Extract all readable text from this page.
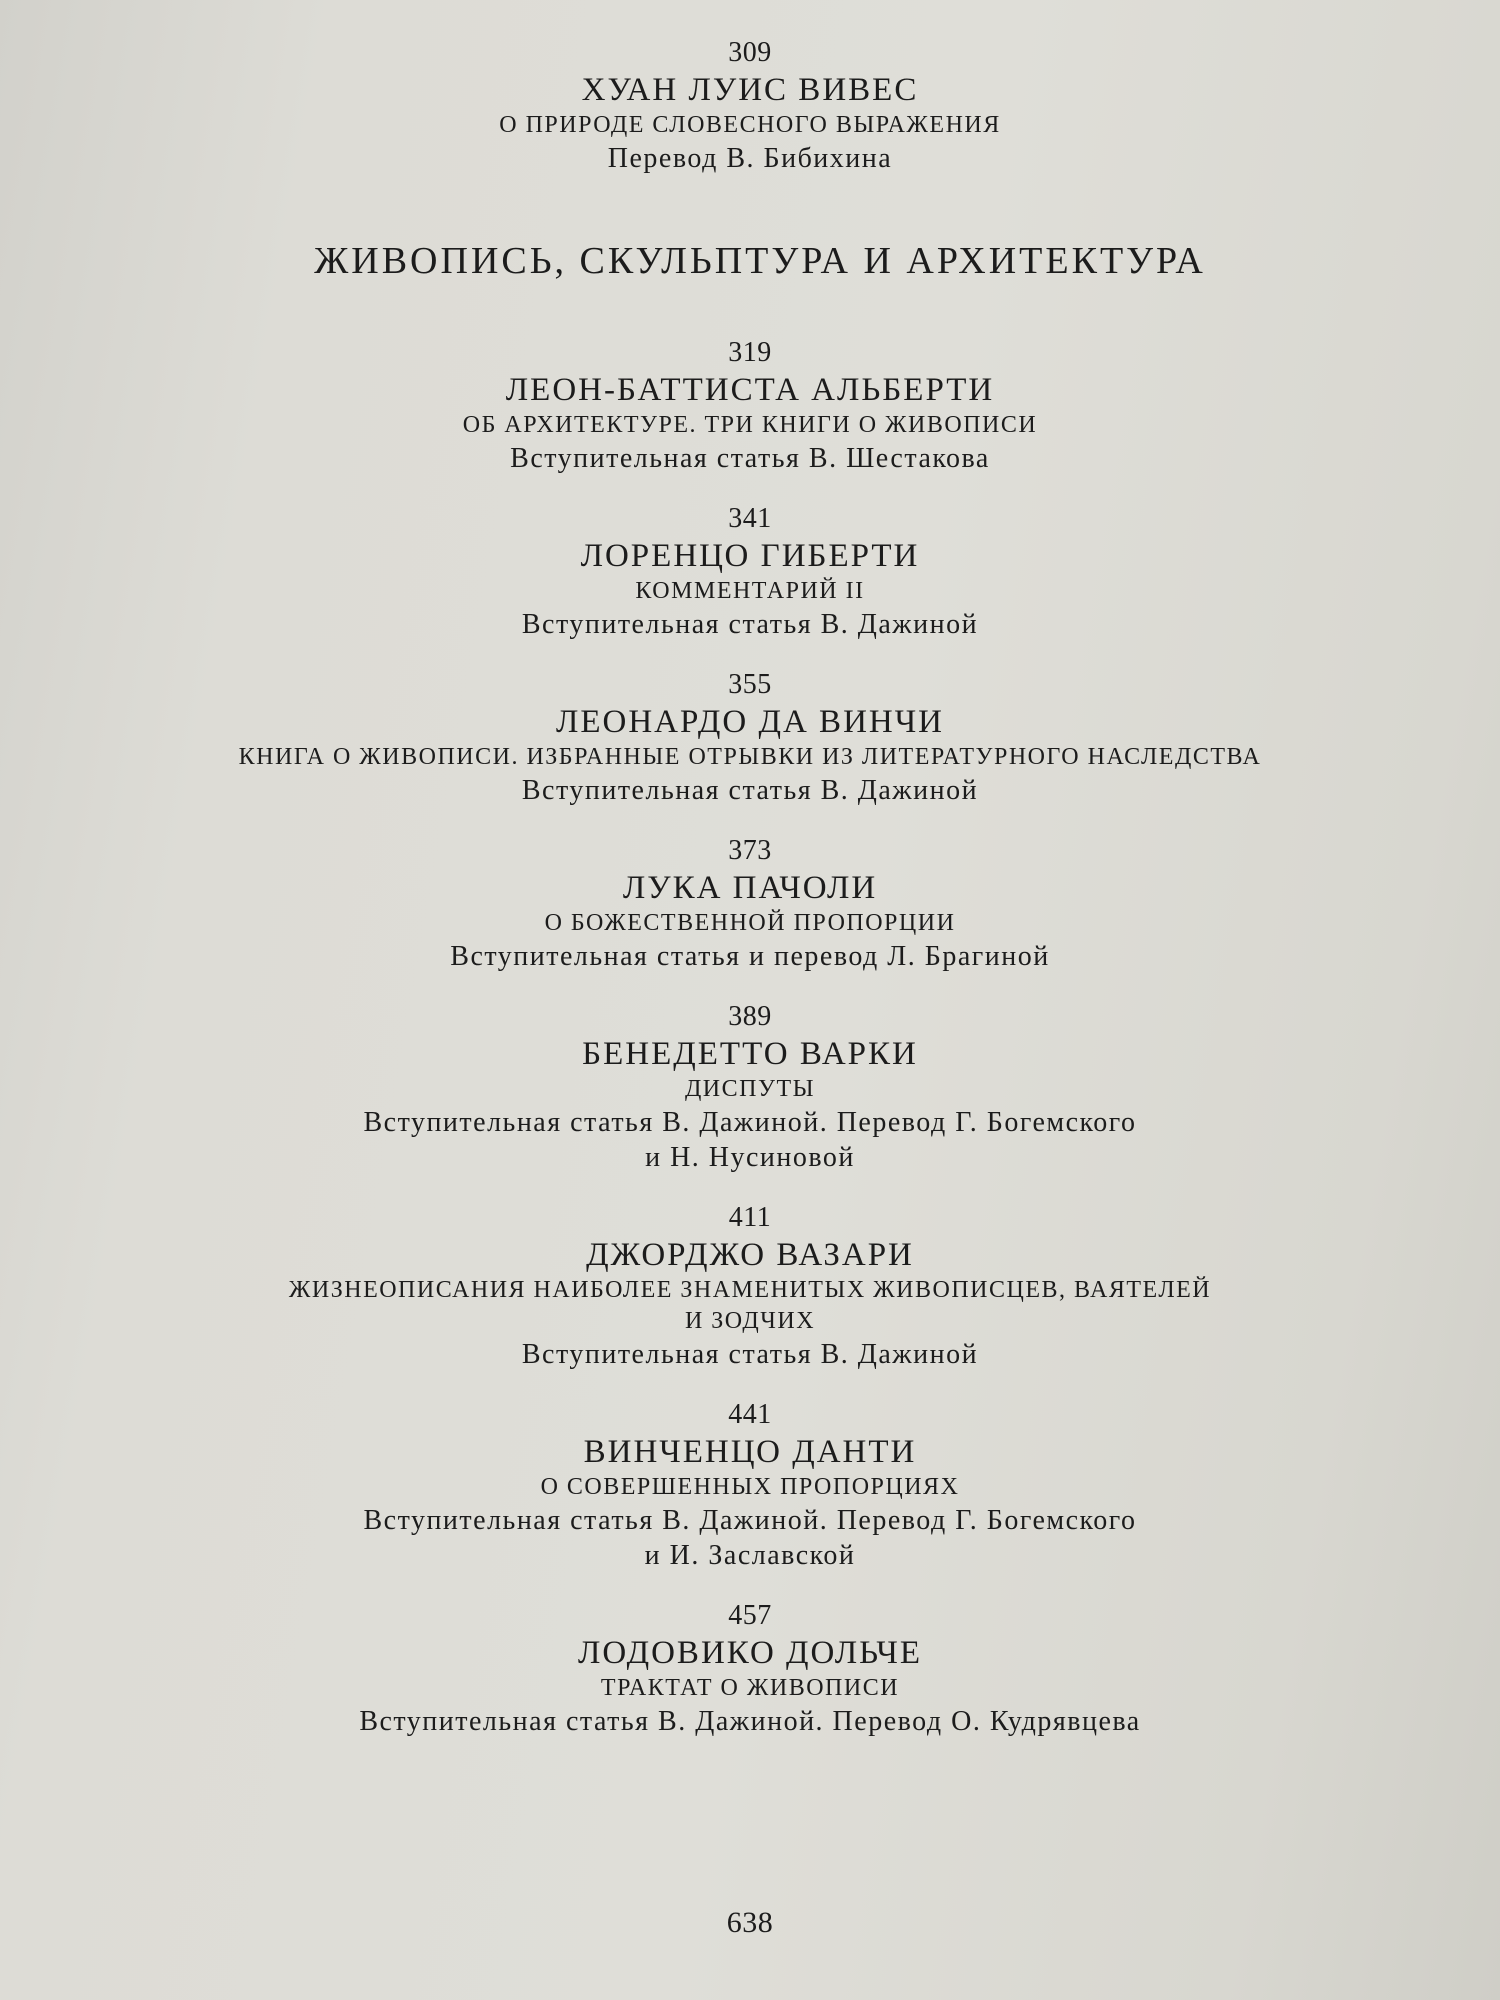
309
ХУАН ЛУИС ВИВЕС
О ПРИРОДЕ СЛОВЕСНОГО ВЫРАЖЕНИЯ
Перевод В. Бибихина
ЖИВОПИСЬ, СКУЛЬПТУРА И АРХИТЕКТУРА
319
ЛЕОН-БАТТИСТА АЛЬБЕРТИ
ОБ АРХИТЕКТУРЕ. ТРИ КНИГИ О ЖИВОПИСИ
Вступительная статья В. Шестакова
341
ЛОРЕНЦО ГИБЕРТИ
КОММЕНТАРИЙ II
Вступительная статья В. Дажиной
355
ЛЕОНАРДО ДА ВИНЧИ
КНИГА О ЖИВОПИСИ. ИЗБРАННЫЕ ОТРЫВКИ ИЗ ЛИТЕРАТУРНОГО НАСЛЕДСТВА
Вступительная статья В. Дажиной
373
ЛУКА ПАЧОЛИ
О БОЖЕСТВЕННОЙ ПРОПОРЦИИ
Вступительная статья и перевод Л. Брагиной
389
БЕНЕДЕТТО ВАРКИ
ДИСПУТЫ
Вступительная статья В. Дажиной. Перевод Г. Богемского
и Н. Нусиновой
411
ДЖОРДЖО ВАЗАРИ
ЖИЗНЕОПИСАНИЯ НАИБОЛЕЕ ЗНАМЕНИТЫХ ЖИВОПИСЦЕВ, ВАЯТЕЛЕЙ
И ЗОДЧИХ
Вступительная статья В. Дажиной
441
ВИНЧЕНЦО ДАНТИ
О СОВЕРШЕННЫХ ПРОПОРЦИЯХ
Вступительная статья В. Дажиной. Перевод Г. Богемского
и И. Заславской
457
ЛОДОВИКО ДОЛЬЧЕ
ТРАКТАТ О ЖИВОПИСИ
Вступительная статья В. Дажиной. Перевод О. Кудрявцева
638
